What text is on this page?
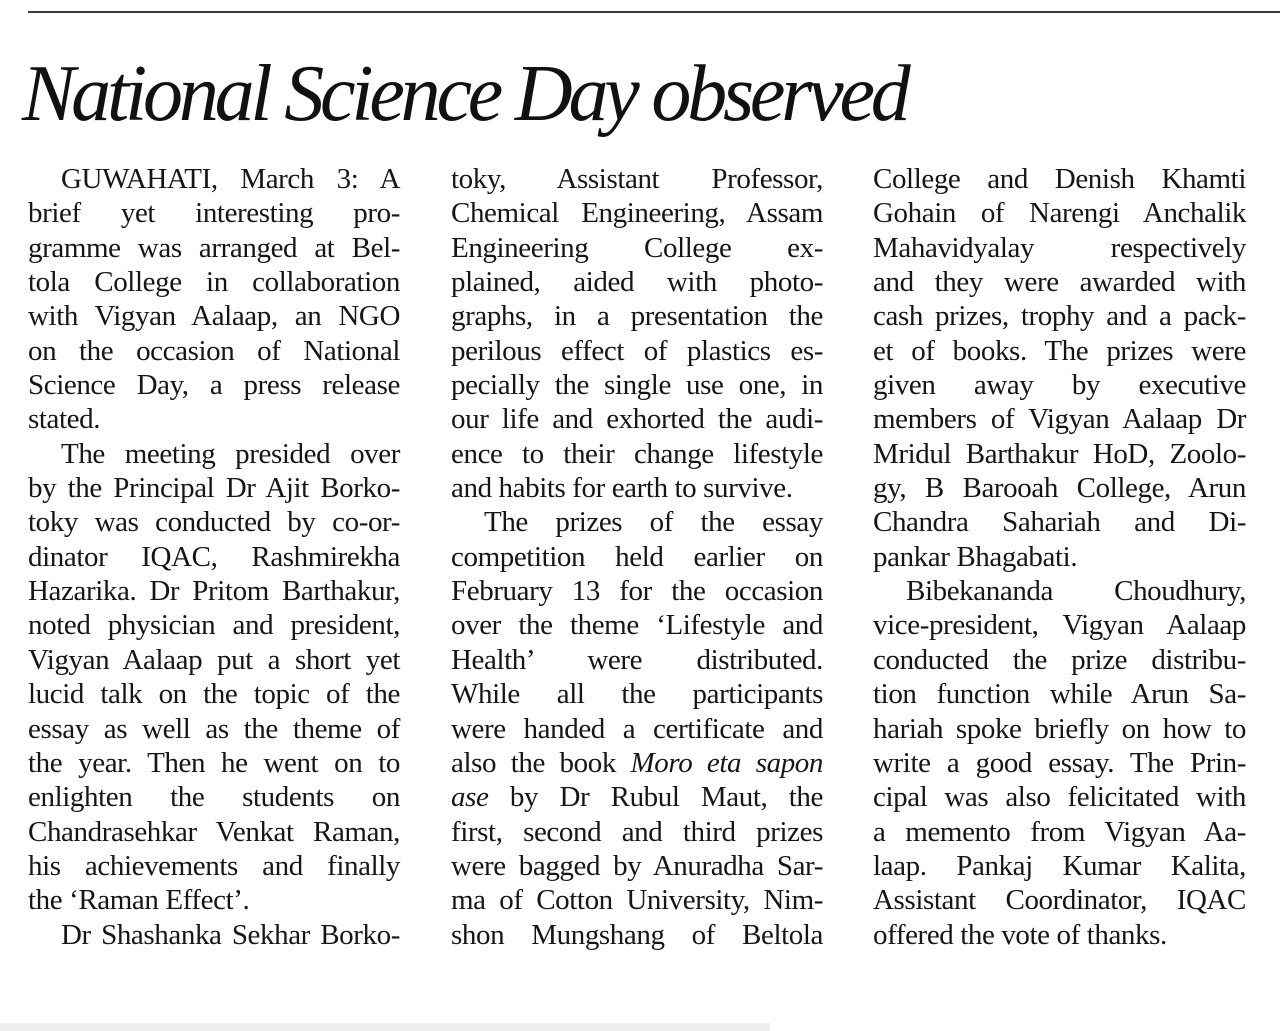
National Science Day observed
GUWAHATI, March 3: A
brief yet interesting pro-
gramme was arranged at Bel-
tola College in collaboration
with Vigyan Aalaap, an NGO
on the occasion of National
Science Day, a press release
stated.
The meeting presided over
by the Principal Dr Ajit Borko-
toky was conducted by co-or-
dinator IQAC, Rashmirekha
Hazarika. Dr Pritom Barthakur,
noted physician and president,
Vigyan Aalaap put a short yet
lucid talk on the topic of the
essay as well as the theme of
the year. Then he went on to
enlighten the students on
Chandrasehkar Venkat Raman,
his achievements and finally
the ‘Raman Effect’.
Dr Shashanka Sekhar Borko-
toky, Assistant Professor,
Chemical Engineering, Assam
Engineering College ex-
plained, aided with photo-
graphs, in a presentation the
perilous effect of plastics es-
pecially the single use one, in
our life and exhorted the audi-
ence to their change lifestyle
and habits for earth to survive.
The prizes of the essay
competition held earlier on
February 13 for the occasion
over the theme ‘Lifestyle and
Health’ were distributed.
While all the participants
were handed a certificate and
also the book Moro eta sapon
ase by Dr Rubul Maut, the
first, second and third prizes
were bagged by Anuradha Sar-
ma of Cotton University, Nim-
shon Mungshang of Beltola
College and Denish Khamti
Gohain of Narengi Anchalik
Mahavidyalay respectively
and they were awarded with
cash prizes, trophy and a pack-
et of books. The prizes were
given away by executive
members of Vigyan Aalaap Dr
Mridul Barthakur HoD, Zoolo-
gy, B Barooah College, Arun
Chandra Sahariah and Di-
pankar Bhagabati.
Bibekananda Choudhury,
vice-president, Vigyan Aalaap
conducted the prize distribu-
tion function while Arun Sa-
hariah spoke briefly on how to
write a good essay. The Prin-
cipal was also felicitated with
a memento from Vigyan Aa-
laap. Pankaj Kumar Kalita,
Assistant Coordinator, IQAC
offered the vote of thanks.
